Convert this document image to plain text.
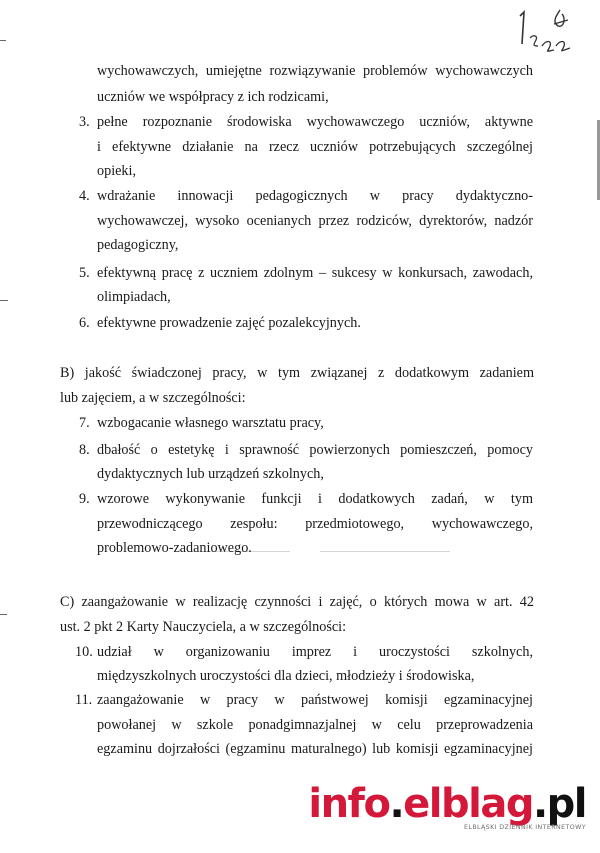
wychowawczych, umiejętne rozwiązywanie problemów wychowawczych
uczniów we współpracy z ich rodzicami,
3. pełne rozpoznanie środowiska wychowawczego uczniów, aktywne
i efektywne działanie na rzecz uczniów potrzebujących szczególnej
opieki,
4. wdrażanie innowacji pedagogicznych w pracy dydaktyczno-
wychowawczej, wysoko ocenianych przez rodziców, dyrektorów, nadzór
pedagogiczny,
5. efektywną pracę z uczniem zdolnym – sukcesy w konkursach, zawodach,
olimpiadach,
6. efektywne prowadzenie zajęć pozalekcyjnych.
B) jakość świadczonej pracy, w tym związanej z dodatkowym zadaniem
lub zajęciem, a w szczególności:
7. wzbogacanie własnego warsztatu pracy,
8. dbałość o estetykę i sprawność powierzonych pomieszczeń, pomocy
dydaktycznych lub urządzeń szkolnych,
9. wzorowe wykonywanie funkcji i dodatkowych zadań, w tym
przewodniczącego zespołu: przedmiotowego, wychowawczego,
problemowo-zadaniowego.
C) zaangażowanie w realizację czynności i zajęć, o których mowa w art. 42
ust. 2 pkt 2 Karty Nauczyciela, a w szczególności:
10. udział w organizowaniu imprez i uroczystości szkolnych,
międzyszkolnych uroczystości dla dzieci, młodzieży i środowiska,
11. zaangażowanie w pracy w państwowej komisji egzaminacyjnej
powołanej w szkole ponadgimnazjalnej w celu przeprowadzenia
egzaminu dojrzałości (egzaminu maturalnego) lub komisji egzaminacyjnej
info.elblag.pl
ELBLĄSKI DZIENNIK INTERNETOWY
